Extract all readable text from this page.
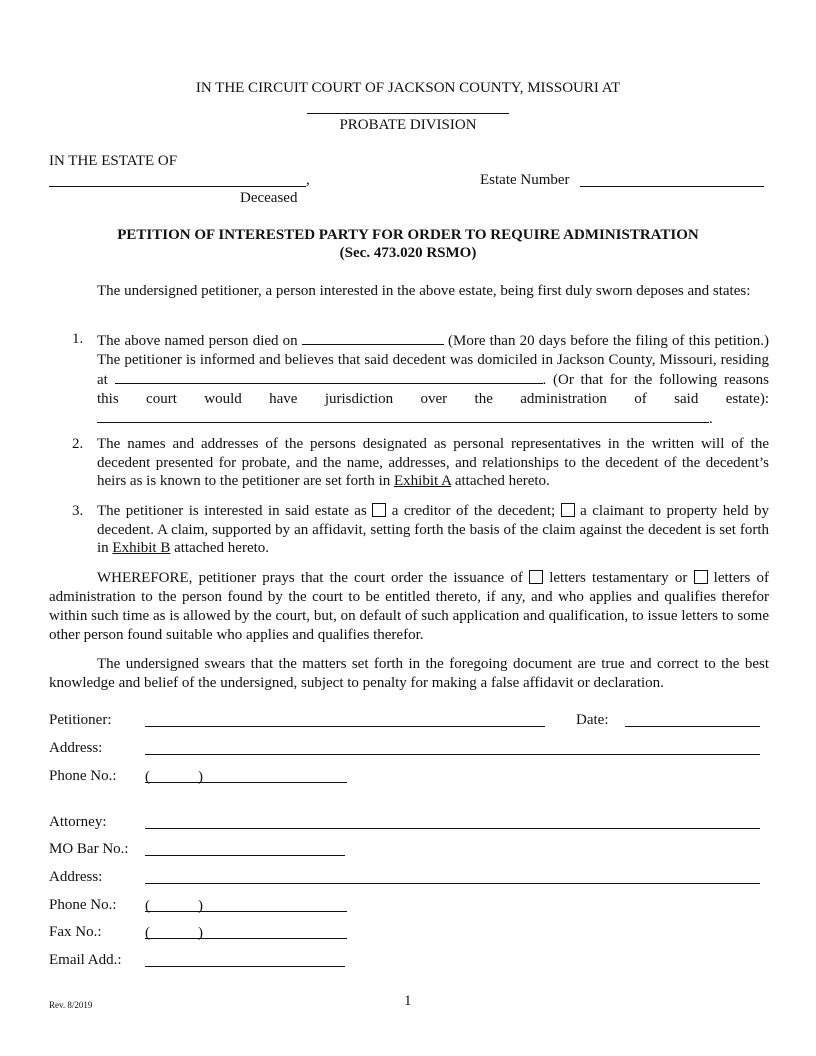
IN THE CIRCUIT COURT OF JACKSON COUNTY, MISSOURI AT
PROBATE DIVISION
IN THE ESTATE OF
,
Deceased
Estate Number
PETITION OF INTERESTED PARTY FOR ORDER TO REQUIRE ADMINISTRATION
(Sec. 473.020 RSMO)
The undersigned petitioner, a person interested in the above estate, being first duly sworn deposes and states:
1. The above named person died on	(More than 20 days before the filing of this petition.) The petitioner is informed and believes that said decedent was domiciled in Jackson County, Missouri, residing at	. (Or that for the following reasons this court would have jurisdiction over the administration of said estate):.
2. The names and addresses of the persons designated as personal representatives in the written will of the decedent presented for probate, and the name, addresses, and relationships to the decedent of the decedent’s heirs as is known to the petitioner are set forth in Exhibit A attached hereto.
3. The petitioner is interested in said estate as a creditor of the decedent; a claimant to property held by decedent. A claim, supported by an affidavit, setting forth the basis of the claim against the decedent is set forth in Exhibit B attached hereto.
WHEREFORE, petitioner prays that the court order the issuance of letters testamentary or letters of administration to the person found by the court to be entitled thereto, if any, and who applies and qualifies therefor within such time as is allowed by the court, but, on default of such application and qualification, to issue letters to some other person found suitable who applies and qualifies therefor.
The undersigned swears that the matters set forth in the foregoing document are true and correct to the best knowledge and belief of the undersigned, subject to penalty for making a false affidavit or declaration.
Petitioner:	Date:
Address:
Phone No.: (	)
Attorney:
MO Bar No.:
Address:
Phone No.: (	)
Fax No.:	(	)
Email Add.:
Rev. 8/2019	1
